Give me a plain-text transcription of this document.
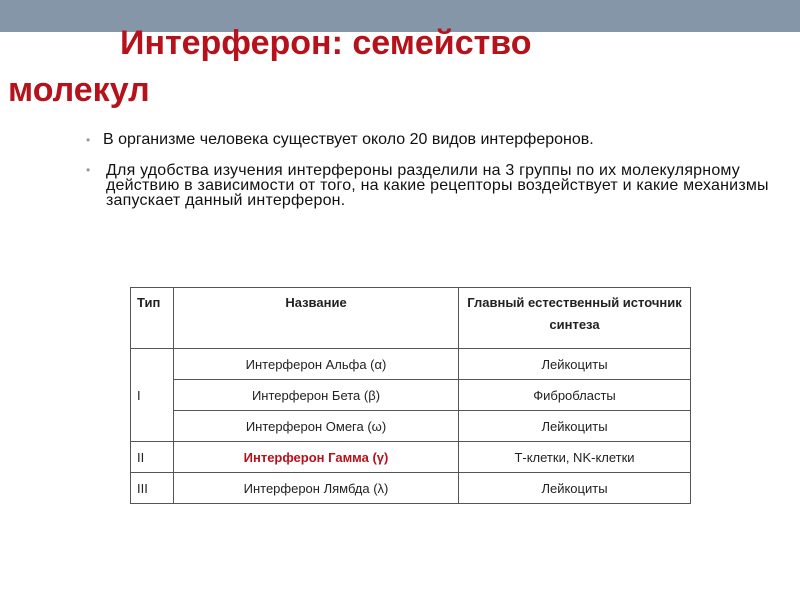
Интерферон: семейство
молекул
• В организме человека существует около 20 видов интерферонов.
• Для удобства изучения интерфероны разделили на 3 группы по их молекулярному действию в зависимости от того, на какие рецепторы воздействует и какие механизмы запускает данный интерферон.
Тип	Название	Главный естественный источник синтеза
I	Интерферон Альфа (α)	Лейкоциты
	Интерферон Бета (β)	Фибробласты
	Интерферон Омега (ω)	Лейкоциты
II	Интерферон Гамма (γ)	Т-клетки, NK-клетки
III	Интерферон Лямбда (λ)	Лейкоциты
